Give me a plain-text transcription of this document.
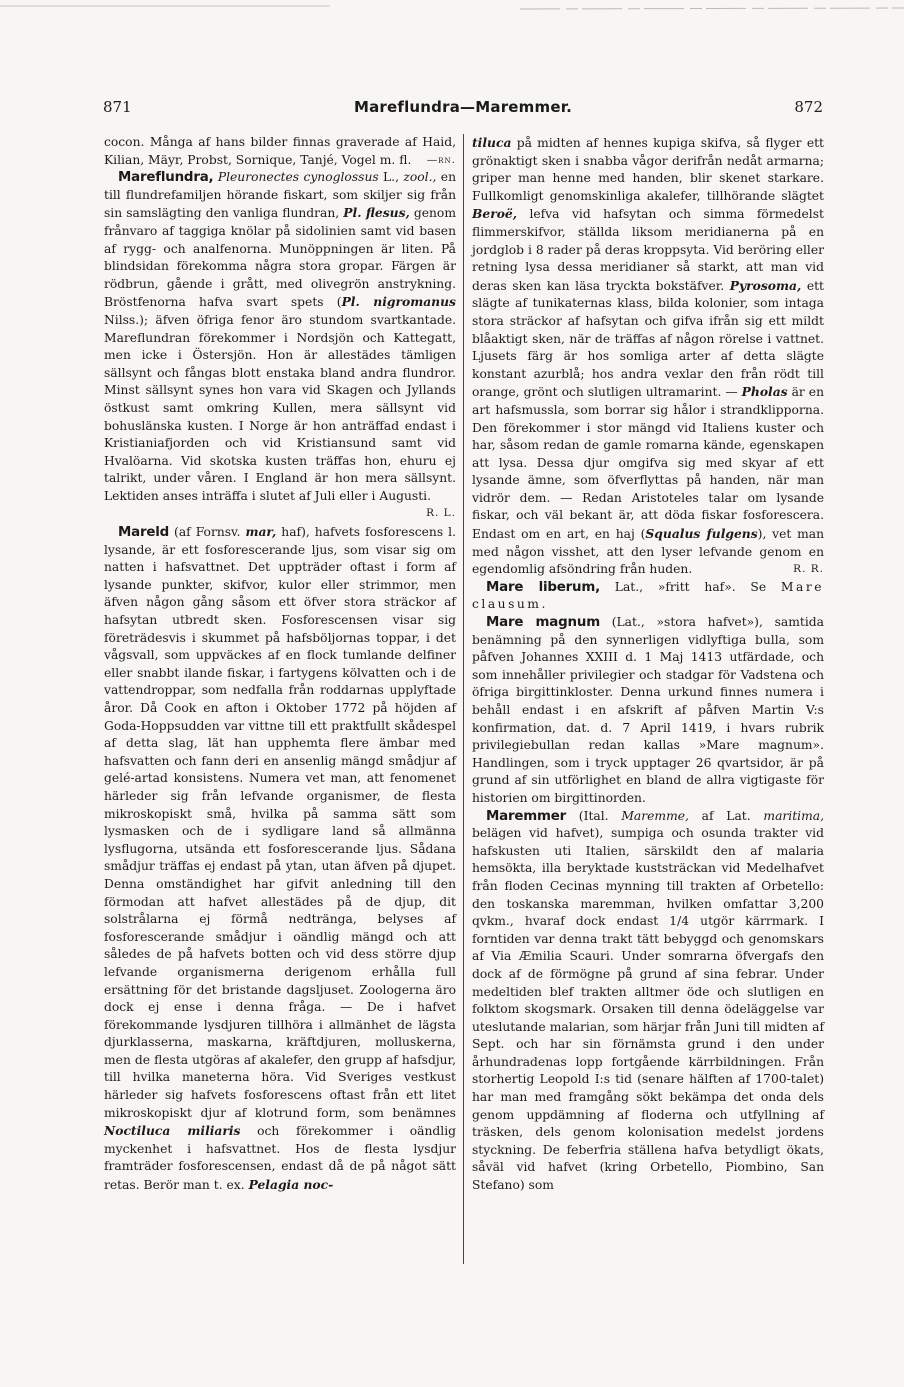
871	Mareflundra—Maremmer.	872

cocon. Många af hans bilder finnas graverade af Haid, Kilian, Mäyr, Probst, Sornique, Tanjé, Vogel m. fl. —rn.

Mareflundra, Pleuronectes cynoglossus L., zool., en till flundrefamiljen hörande fiskart, som skiljer sig från sin samslägting den vanliga flundran, Pl. flesus, genom frånvaro af taggiga knölar på sidolinien samt vid basen af rygg- och analfenorna. Munöppningen är liten. På blindsidan förekomma några stora gropar. Färgen är rödbrun, gående i grått, med olivegrön anstrykning. Bröstfenorna hafva svart spets (Pl. nigromanus Nilss.); äfven öfriga fenor äro stundom svartkantade. Mareflundran förekommer i Nordsjön och Kattegatt, men icke i Östersjön. Hon är allestädes tämligen sällsynt och fångas blott enstaka bland andra flundror. Minst sällsynt synes hon vara vid Skagen och Jyllands östkust samt omkring Kullen, mera sällsynt vid bohuslänska kusten. I Norge är hon anträffad endast i Kristianiafjorden och vid Kristiansund samt vid Hvalöarna. Vid skotska kusten träffas hon, ehuru ej talrikt, under våren. I England är hon mera sällsynt. Lektiden anses inträffa i slutet af Juli eller i Augusti.
R. L.

Mareld (af Fornsv. mar, haf), hafvets fosforescens l. lysande, är ett fosforescerande ljus, som visar sig om natten i hafsvattnet. Det uppträder oftast i form af lysande punkter, skifvor, kulor eller strimmor, men äfven någon gång såsom ett öfver stora sträckor af hafsytan utbredt sken. Fosforescensen visar sig företrädesvis i skummet på hafsböljornas toppar, i det vågsvall, som uppväckes af en flock tumlande delfiner eller snabbt ilande fiskar, i fartygens kölvatten och i de vattendroppar, som nedfalla från roddarnas upplyftade åror. Då Cook en afton i Oktober 1772 på höjden af Goda-Hoppsudden var vittne till ett praktfullt skådespel af detta slag, lät han upphemta flere ämbar med hafsvatten och fann deri en ansenlig mängd smådjur af gelé-artad konsistens. Numera vet man, att fenomenet härleder sig från lefvande organismer, de flesta mikroskopiskt små, hvilka på samma sätt som lysmasken och de i sydligare land så allmänna lysflugorna, utsända ett fosforescerande ljus. Sådana smådjur träffas ej endast på ytan, utan äfven på djupet. Denna omständighet har gifvit anledning till den förmodan att hafvet allestädes på de djup, dit solstrålarna ej förmå nedtränga, belyses af fosforescerande smådjur i oändlig mängd och att således de på hafvets botten och vid dess större djup lefvande organismerna derigenom erhålla full ersättning för det bristande dagsljuset. Zoologerna äro dock ej ense i denna fråga. — De i hafvet förekommande lysdjuren tillhöra i allmänhet de lägsta djurklasserna, maskarna, kräftdjuren, molluskerna, men de flesta utgöras af akalefer, den grupp af hafsdjur, till hvilka maneterna höra. Vid Sveriges vestkust härleder sig hafvets fosforescens oftast från ett litet mikroskopiskt djur af klotrund form, som benämnes Noctiluca miliaris och förekommer i oändlig myckenhet i hafsvattnet. Hos de flesta lysdjur framträder fosforescensen, endast då de på något sätt retas. Berör man t. ex. Pelagia noc-

tiluca på midten af hennes kupiga skifva, så flyger ett grönaktigt sken i snabba vågor derifrån nedåt armarna; griper man henne med handen, blir skenet starkare. Fullkomligt genomskinliga akalefer, tillhörande slägtet Beroë, lefva vid hafsytan och simma förmedelst flimmerskifvor, ställda liksom meridianerna på en jordglob i 8 rader på deras kroppsyta. Vid beröring eller retning lysa dessa meridianer så starkt, att man vid deras sken kan läsa tryckta bokstäfver. Pyrosoma, ett slägte af tunikaternas klass, bilda kolonier, som intaga stora sträckor af hafsytan och gifva ifrån sig ett mildt blåaktigt sken, när de träffas af någon rörelse i vattnet. Ljusets färg är hos somliga arter af detta slägte konstant azurblå; hos andra vexlar den från rödt till orange, grönt och slutligen ultramarint. — Pholas är en art hafsmussla, som borrar sig hålor i strandklipporna. Den förekommer i stor mängd vid Italiens kuster och har, såsom redan de gamle romarna kände, egenskapen att lysa. Dessa djur omgifva sig med skyar af ett lysande ämne, som öfverflyttas på handen, när man vidrör dem. — Redan Aristoteles talar om lysande fiskar, och väl bekant är, att döda fiskar fosforescera. Endast om en art, en haj (Squalus fulgens), vet man med någon visshet, att den lyser lefvande genom en egendomlig afsöndring från huden.	R. R.

Mare liberum, Lat., »fritt haf». Se Mare clausum.

Mare magnum (Lat., »stora hafvet»), samtida benämning på den synnerligen vidlyftiga bulla, som påfven Johannes XXIII d. 1 Maj 1413 utfärdade, och som innehåller privilegier och stadgar för Vadstena och öfriga birgittinkloster. Denna urkund finnes numera i behåll endast i en afskrift af påfven Martin V:s konfirmation, dat. d. 7 April 1419, i hvars rubrik privilegiebullan redan kallas »Mare magnum». Handlingen, som i tryck upptager 26 qvartsidor, är på grund af sin utförlighet en bland de allra vigtigaste för historien om birgittinorden.

Maremmer (Ital. Maremme, af Lat. maritima, belägen vid hafvet), sumpiga och osunda trakter vid hafskusten uti Italien, särskildt den af malaria hemsökta, illa beryktade kuststräckan vid Medelhafvet från floden Cecinas mynning till trakten af Orbetello: den toskanska maremman, hvilken omfattar 3,200 qvkm., hvaraf dock endast 1/4 utgör kärrmark. I forntiden var denna trakt tätt bebyggd och genomskars af Via Æmilia Scauri. Under somrarna öfvergafs den dock af de förmögne på grund af sina febrar. Under medeltiden blef trakten alltmer öde och slutligen en folktom skogsmark. Orsaken till denna ödeläggelse var uteslutande malarian, som härjar från Juni till midten af Sept. och har sin förnämsta grund i den under århundradenas lopp fortgående kärrbildningen. Från storhertig Leopold I:s tid (senare hälften af 1700-talet) har man med framgång sökt bekämpa det onda dels genom uppdämning af floderna och utfyllning af träsken, dels genom kolonisation medelst jordens styckning. De feberfria ställena hafva betydligt ökats, såväl vid hafvet (kring Orbetello, Piombino, San Stefano) som
